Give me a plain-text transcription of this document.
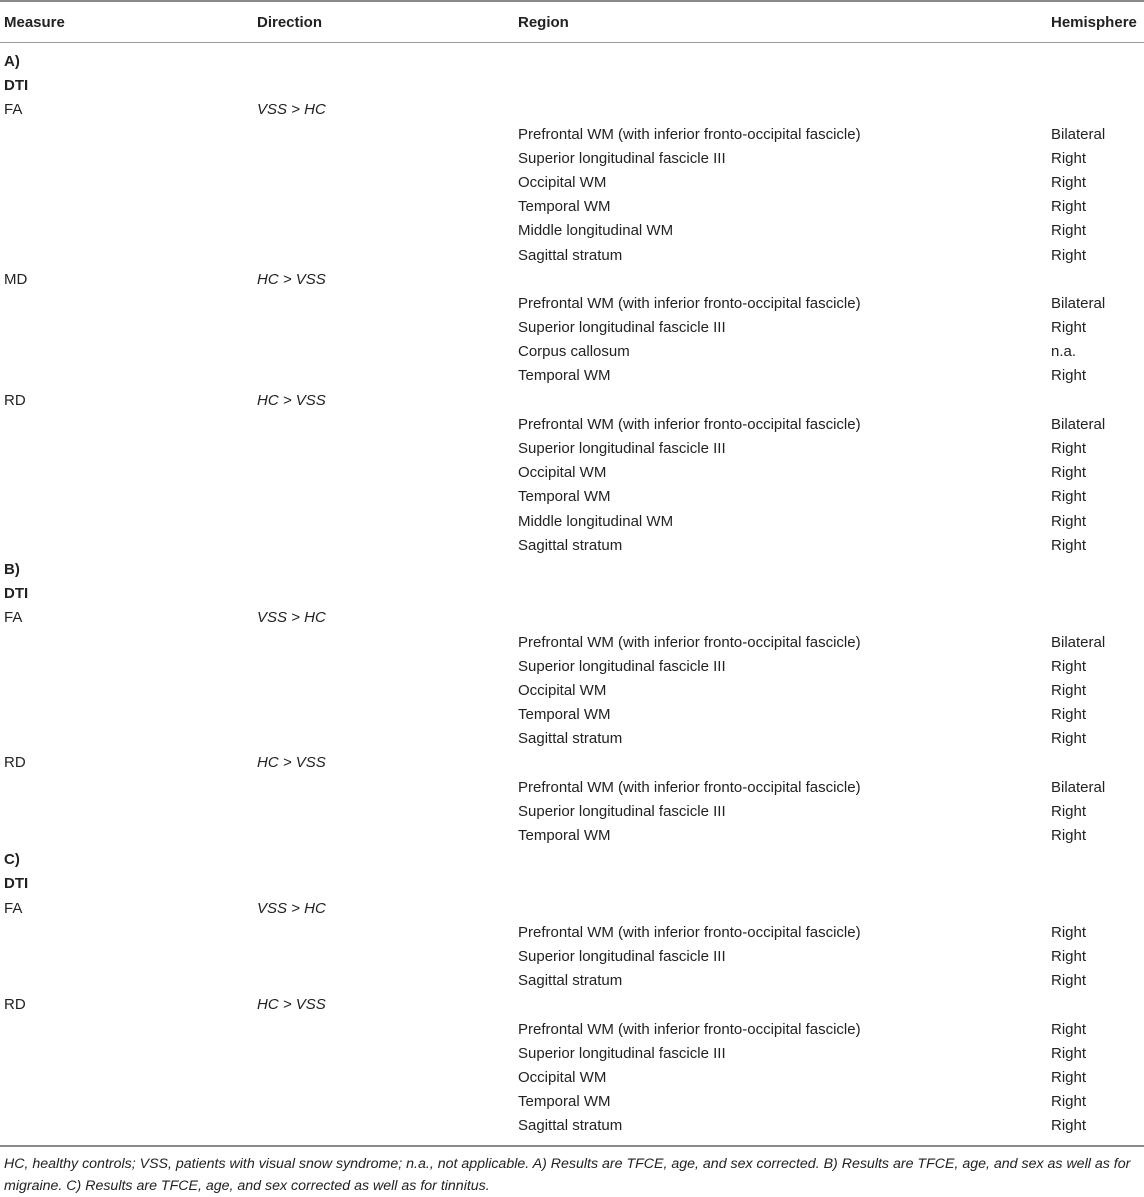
Measure	Direction	Region	Hemisphere
A)
DTI
FA	VSS > HC
Prefrontal WM (with inferior fronto-occipital fascicle)	Bilateral
Superior longitudinal fascicle III	Right
Occipital WM	Right
Temporal WM	Right
Middle longitudinal WM	Right
Sagittal stratum	Right
MD	HC > VSS
Prefrontal WM (with inferior fronto-occipital fascicle)	Bilateral
Superior longitudinal fascicle III	Right
Corpus callosum	n.a.
Temporal WM	Right
RD	HC > VSS
Prefrontal WM (with inferior fronto-occipital fascicle)	Bilateral
Superior longitudinal fascicle III	Right
Occipital WM	Right
Temporal WM	Right
Middle longitudinal WM	Right
Sagittal stratum	Right
B)
DTI
FA	VSS > HC
Prefrontal WM (with inferior fronto-occipital fascicle)	Bilateral
Superior longitudinal fascicle III	Right
Occipital WM	Right
Temporal WM	Right
Sagittal stratum	Right
RD	HC > VSS
Prefrontal WM (with inferior fronto-occipital fascicle)	Bilateral
Superior longitudinal fascicle III	Right
Temporal WM	Right
C)
DTI
FA	VSS > HC
Prefrontal WM (with inferior fronto-occipital fascicle)	Right
Superior longitudinal fascicle III	Right
Sagittal stratum	Right
RD	HC > VSS
Prefrontal WM (with inferior fronto-occipital fascicle)	Right
Superior longitudinal fascicle III	Right
Occipital WM	Right
Temporal WM	Right
Sagittal stratum	Right
HC, healthy controls; VSS, patients with visual snow syndrome; n.a., not applicable. A) Results are TFCE, age, and sex corrected. B) Results are TFCE, age, and sex as well as for migraine. C) Results are TFCE, age, and sex corrected as well as for tinnitus.
